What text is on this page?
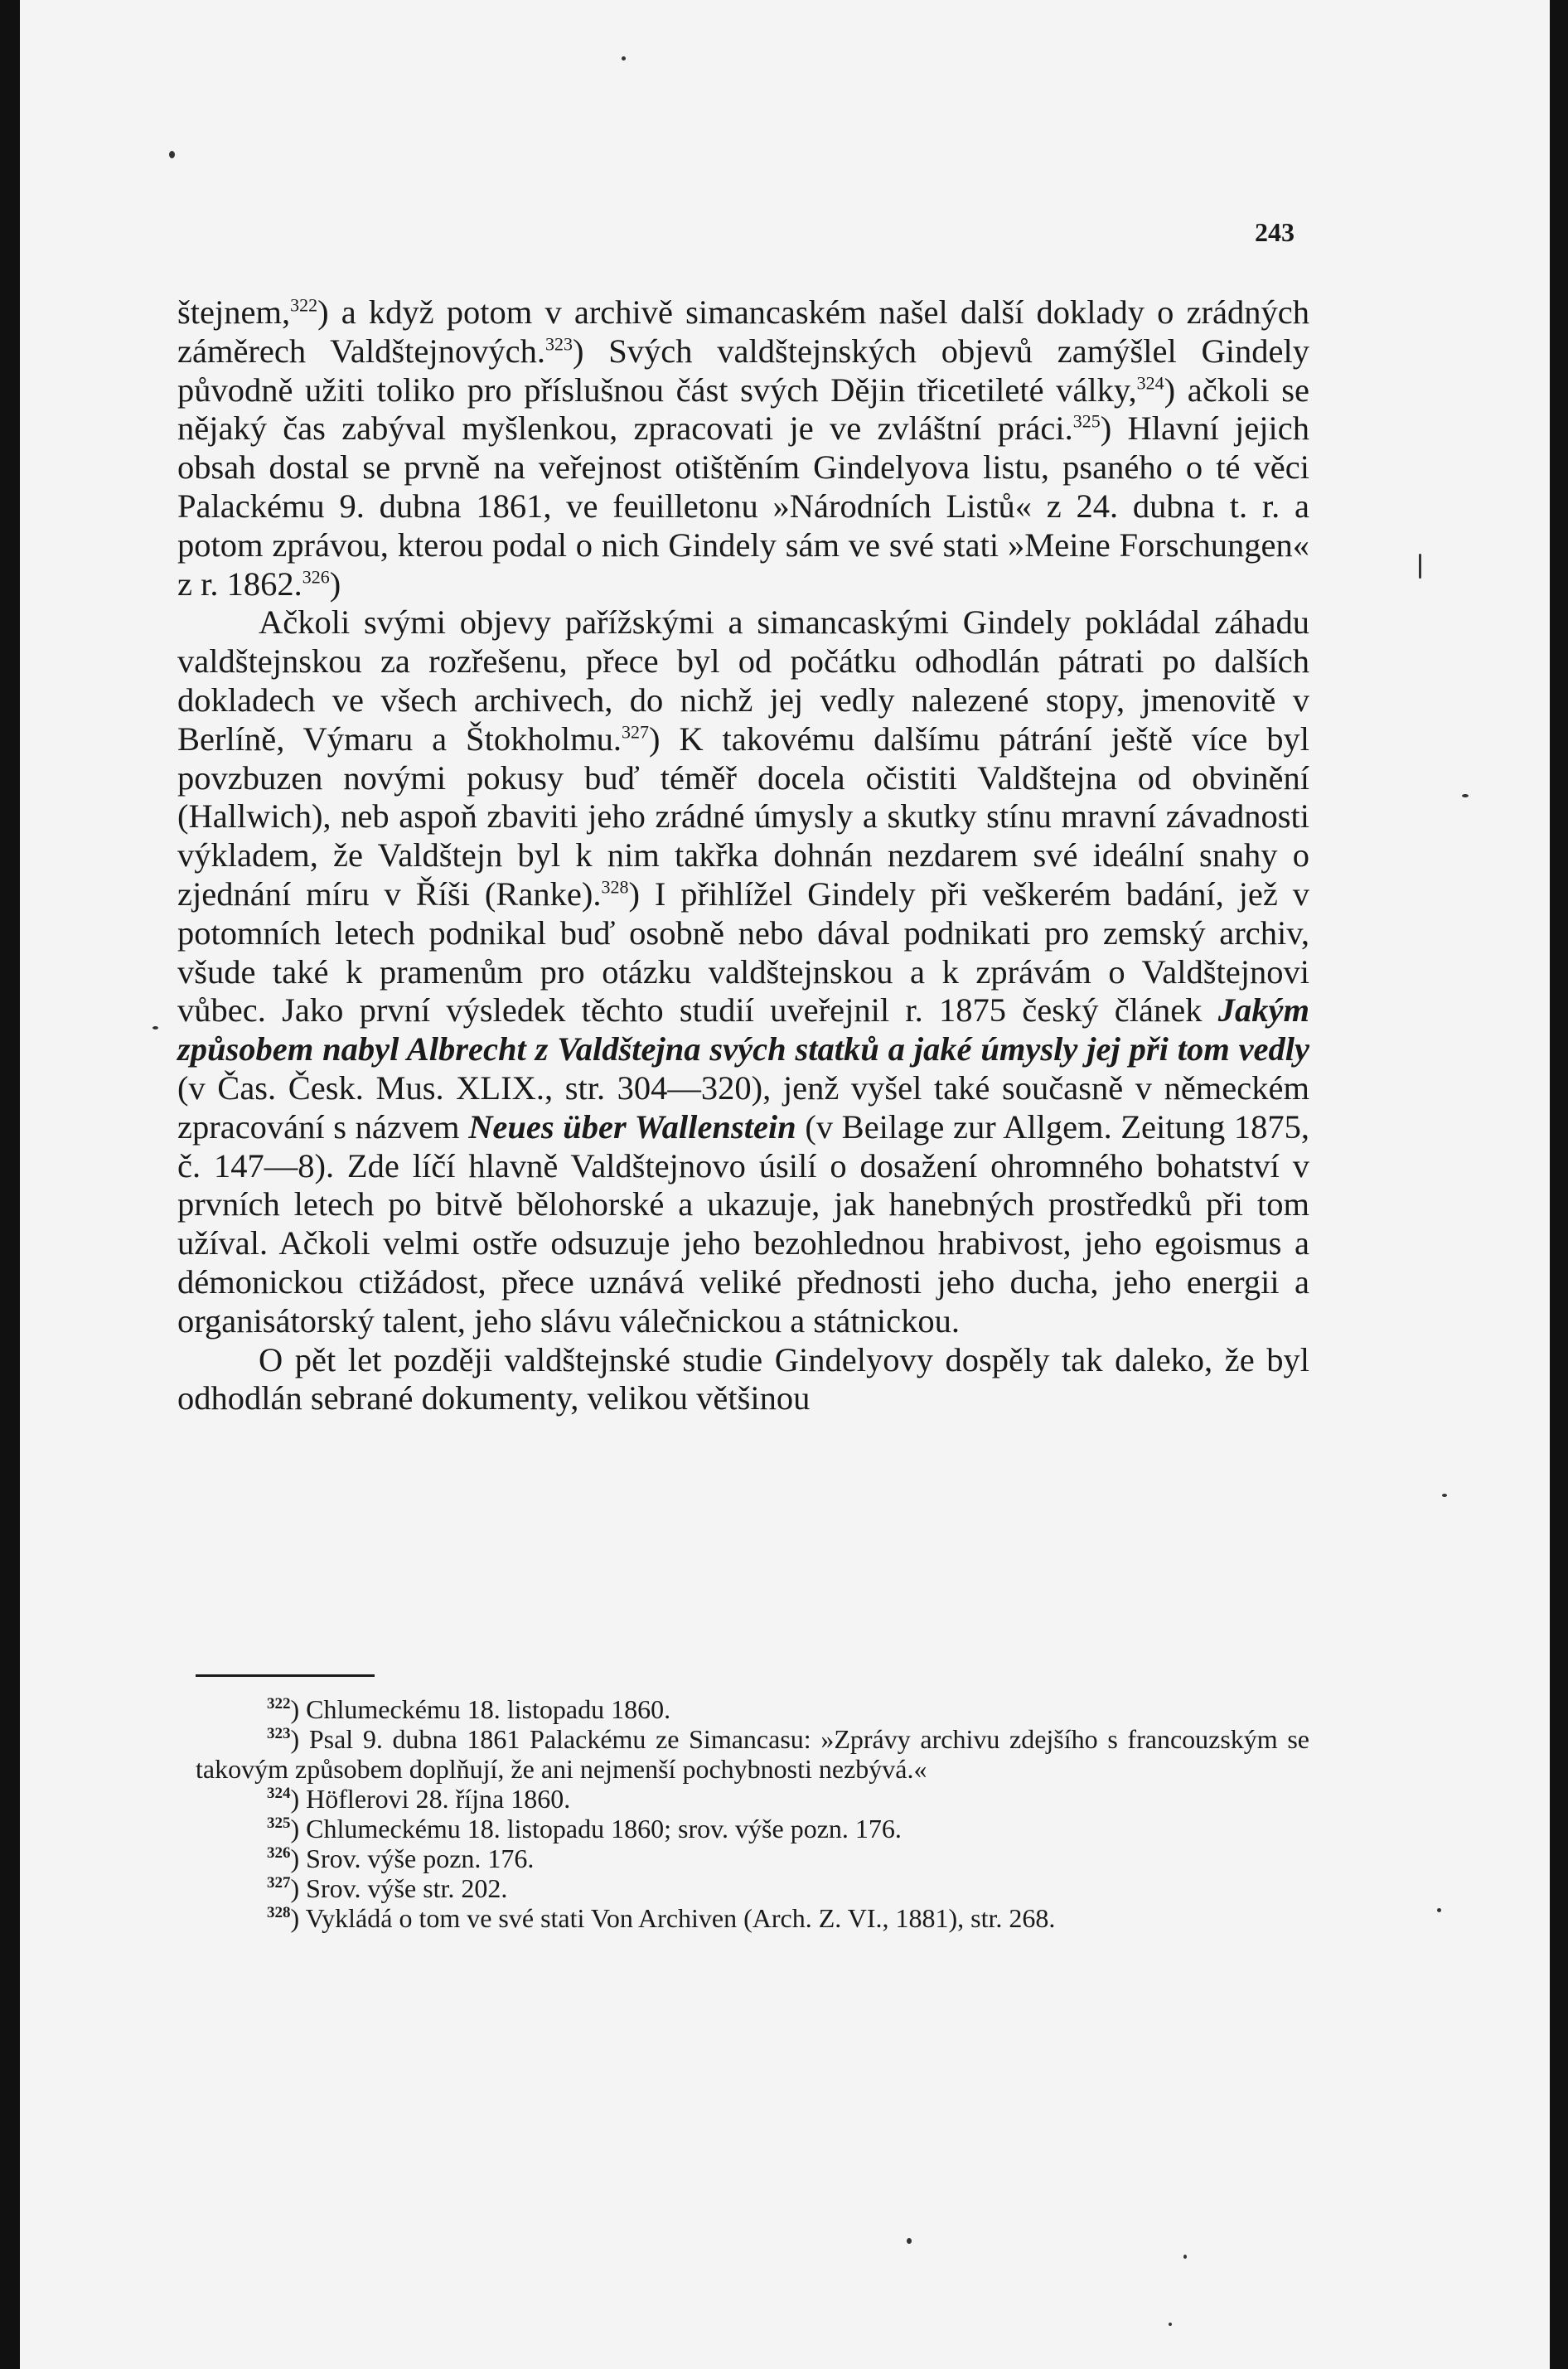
243

štejnem,$^{322}$) a když potom v archivě simancaském našel další doklady o zrádných záměrech Valdštejnových.$^{323}$) Svých valdštejnských objevů zamýšlel Gindely původně užiti toliko pro příslušnou část svých Dějin třicetileté války,$^{324}$) ačkoli se nějaký čas zabýval myšlenkou, zpracovati je ve zvláštní práci.$^{325}$) Hlavní jejich obsah dostal se prvně na veřejnost otištěním Gindelyova listu, psaného o té věci Palackému 9. dubna 1861, ve feuilletonu »Národních Listů« z 24. dubna t. r. a potom zprávou, kterou podal o nich Gindely sám ve své stati »Meine Forschungen« z r. 1862.$^{326}$)

Ačkoli svými objevy pařížskými a simancaskými Gindely pokládal záhadu valdštejnskou za rozřešenu, přece byl od počátku odhodlán pátrati po dalších dokladech ve všech archivech, do nichž jej vedly nalezené stopy, jmenovitě v Berlíně, Výmaru a Štokholmu.$^{327}$) K takovému dalšímu pátrání ještě více byl povzbuzen novými pokusy buď téměř docela očistiti Valdštejna od obvinění (Hallwich), neb aspoň zbaviti jeho zrádné úmysly a skutky stínu mravní závadnosti výkladem, že Valdštejn byl k nim takřka dohnán nezdarem své ideální snahy o zjednání míru v Říši (Ranke).$^{328}$) I přihlížel Gindely při veškerém badání, jež v potomních letech podnikal buď osobně nebo dával podnikati pro zemský archiv, všude také k pramenům pro otázku valdštejnskou a k zprávám o Valdštejnovi vůbec. Jako první výsledek těchto studií uveřejnil r. 1875 český článek Jakým způsobem nabyl Albrecht z Valdštejna svých statků a jaké úmysly jej při tom vedly (v Čas. Česk. Mus. XLIX., str. 304—320), jenž vyšel také současně v německém zpracování s názvem Neues über Wallenstein (v Beilage zur Allgem. Zeitung 1875, č. 147—8). Zde líčí hlavně Valdštejnovo úsilí o dosažení ohromného bohatství v prvních letech po bitvě bělohorské a ukazuje, jak hanebných prostředků při tom užíval. Ačkoli velmi ostře odsuzuje jeho bezohlednou hrabivost, jeho egoismus a démonickou ctižádost, přece uznává veliké přednosti jeho ducha, jeho energii a organisátorský talent, jeho slávu válečnickou a státnickou.

O pět let později valdštejnské studie Gindelyovy dospěly tak daleko, že byl odhodlán sebrané dokumenty, velikou většinou

$^{322}$) Chlumeckému 18. listopadu 1860.

$^{323}$) Psal 9. dubna 1861 Palackému ze Simancasu: »Zprávy archivu zdejšího s francouzským se takovým způsobem doplňují, že ani nejmenší pochybnosti nezbývá.«

$^{324}$) Höflerovi 28. října 1860.

$^{325}$) Chlumeckému 18. listopadu 1860; srov. výše pozn. 176.

$^{326}$) Srov. výše pozn. 176.

$^{327}$) Srov. výše str. 202.

$^{328}$) Vykládá o tom ve své stati Von Archiven (Arch. Z. VI., 1881), str. 268.
